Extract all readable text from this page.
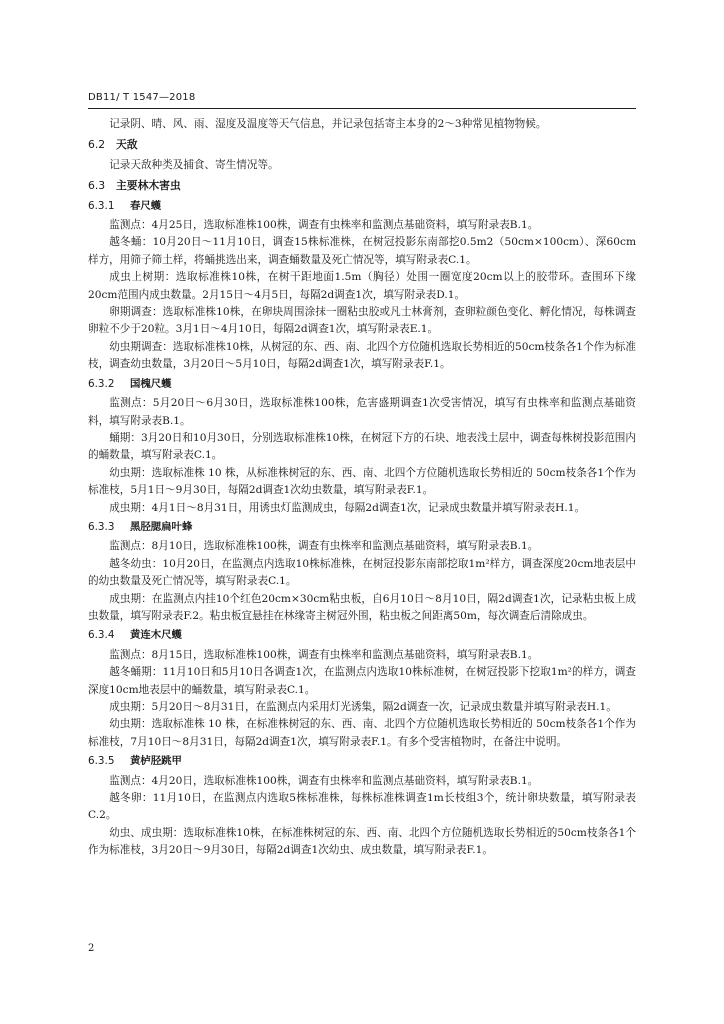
DB11/ T 1547—2018

记录阴、晴、风、雨、湿度及温度等天气信息，并记录包括寄主本身的2～3种常见植物物候。

6.2 天敌

记录天敌种类及捕食、寄生情况等。

6.3 主要林木害虫
6.3.1 春尺蠖

监测点：4月25日，选取标准株100株，调查有虫株率和监测点基础资料，填写附录表B.1。

越冬蛹：10月20日～11月10日，调查15株标准株，在树冠投影东南部挖0.5m2（50cm×100cm）、深60cm样方，用筛子筛土样，将蛹挑选出来，调查蛹数量及死亡情况等，填写附录表C.1。

成虫上树期：选取标准株10株，在树干距地面1.5m（胸径）处围一圈宽度20cm以上的胶带环。查围环下缘20cm范围内成虫数量。2月15日～4月5日，每隔2d调查1次，填写附录表D.1。

卵期调查：选取标准株10株，在卵块周围涂抹一圈粘虫胶或凡士林膏剂，查卵粒颜色变化、孵化情况，每株调查卵粒不少于20粒。3月1日～4月10日，每隔2d调查1次，填写附录表E.1。

幼虫期调查：选取标准株10株，从树冠的东、西、南、北四个方位随机选取长势相近的50cm枝条各1个作为标准枝，调查幼虫数量，3月20日～5月10日，每隔2d调查1次，填写附录表F.1。

6.3.2 国槐尺蠖

监测点：5月20日～6月30日，选取标准株100株，危害盛期调查1次受害情况，填写有虫株率和监测点基础资料，填写附录表B.1。

蛹期：3月20日和10月30日，分别选取标准株10株，在树冠下方的石块、地表浅土层中，调查每株树投影范围内的蛹数量，填写附录表C.1。

幼虫期：选取标准株 10 株，从标准株树冠的东、西、南、北四个方位随机选取长势相近的 50cm枝条各1个作为标准枝，5月1日～9月30日，每隔2d调查1次幼虫数量，填写附录表F.1。

成虫期：4月1日～8月31日，用诱虫灯监测成虫，每隔2d调查1次，记录成虫数量并填写附录表H.1。

6.3.3 黑胫腮扁叶蜂

监测点：8月10日，选取标准株100株，调查有虫株率和监测点基础资料，填写附录表B.1。

越冬幼虫：10月20日，在监测点内选取10株标准株，在树冠投影东南部挖取1m²样方，调查深度20cm地表层中的幼虫数量及死亡情况等，填写附录表C.1。

成虫期：在监测点内挂10个红色20cm×30cm粘虫板，自6月10日～8月10日，隔2d调查1次，记录粘虫板上成虫数量，填写附录表F.2。粘虫板宜悬挂在林缘寄主树冠外围，粘虫板之间距离50m，每次调查后清除成虫。

6.3.4 黄连木尺蠖

监测点：8月15日，选取标准株100株，调查有虫株率和监测点基础资料，填写附录表B.1。

越冬蛹期：11月10日和5月10日各调查1次，在监测点内选取10株标准树，在树冠投影下挖取1m²的样方，调查深度10cm地表层中的蛹数量，填写附录表C.1。

成虫期：5月20日～8月31日，在监测点内采用灯光诱集，隔2d调查一次，记录成虫数量并填写附录表H.1。

幼虫期：选取标准株 10 株，在标准株树冠的东、西、南、北四个方位随机选取长势相近的 50cm枝条各1个作为标准枝，7月10日～8月31日，每隔2d调查1次，填写附录表F.1。有多个受害植物时，在备注中说明。

6.3.5 黄栌胫跳甲

监测点：4月20日，选取标准株100株，调查有虫株率和监测点基础资料，填写附录表B.1。

越冬卵：11月10日，在监测点内选取5株标准株，每株标准株调查1m长枝组3个，统计卵块数量，填写附录表C.2。

幼虫、成虫期：选取标准株10株，在标准株树冠的东、西、南、北四个方位随机选取长势相近的50cm枝条各1个作为标准枝，3月20日～9月30日，每隔2d调查1次幼虫、成虫数量，填写附录表F.1。

2
